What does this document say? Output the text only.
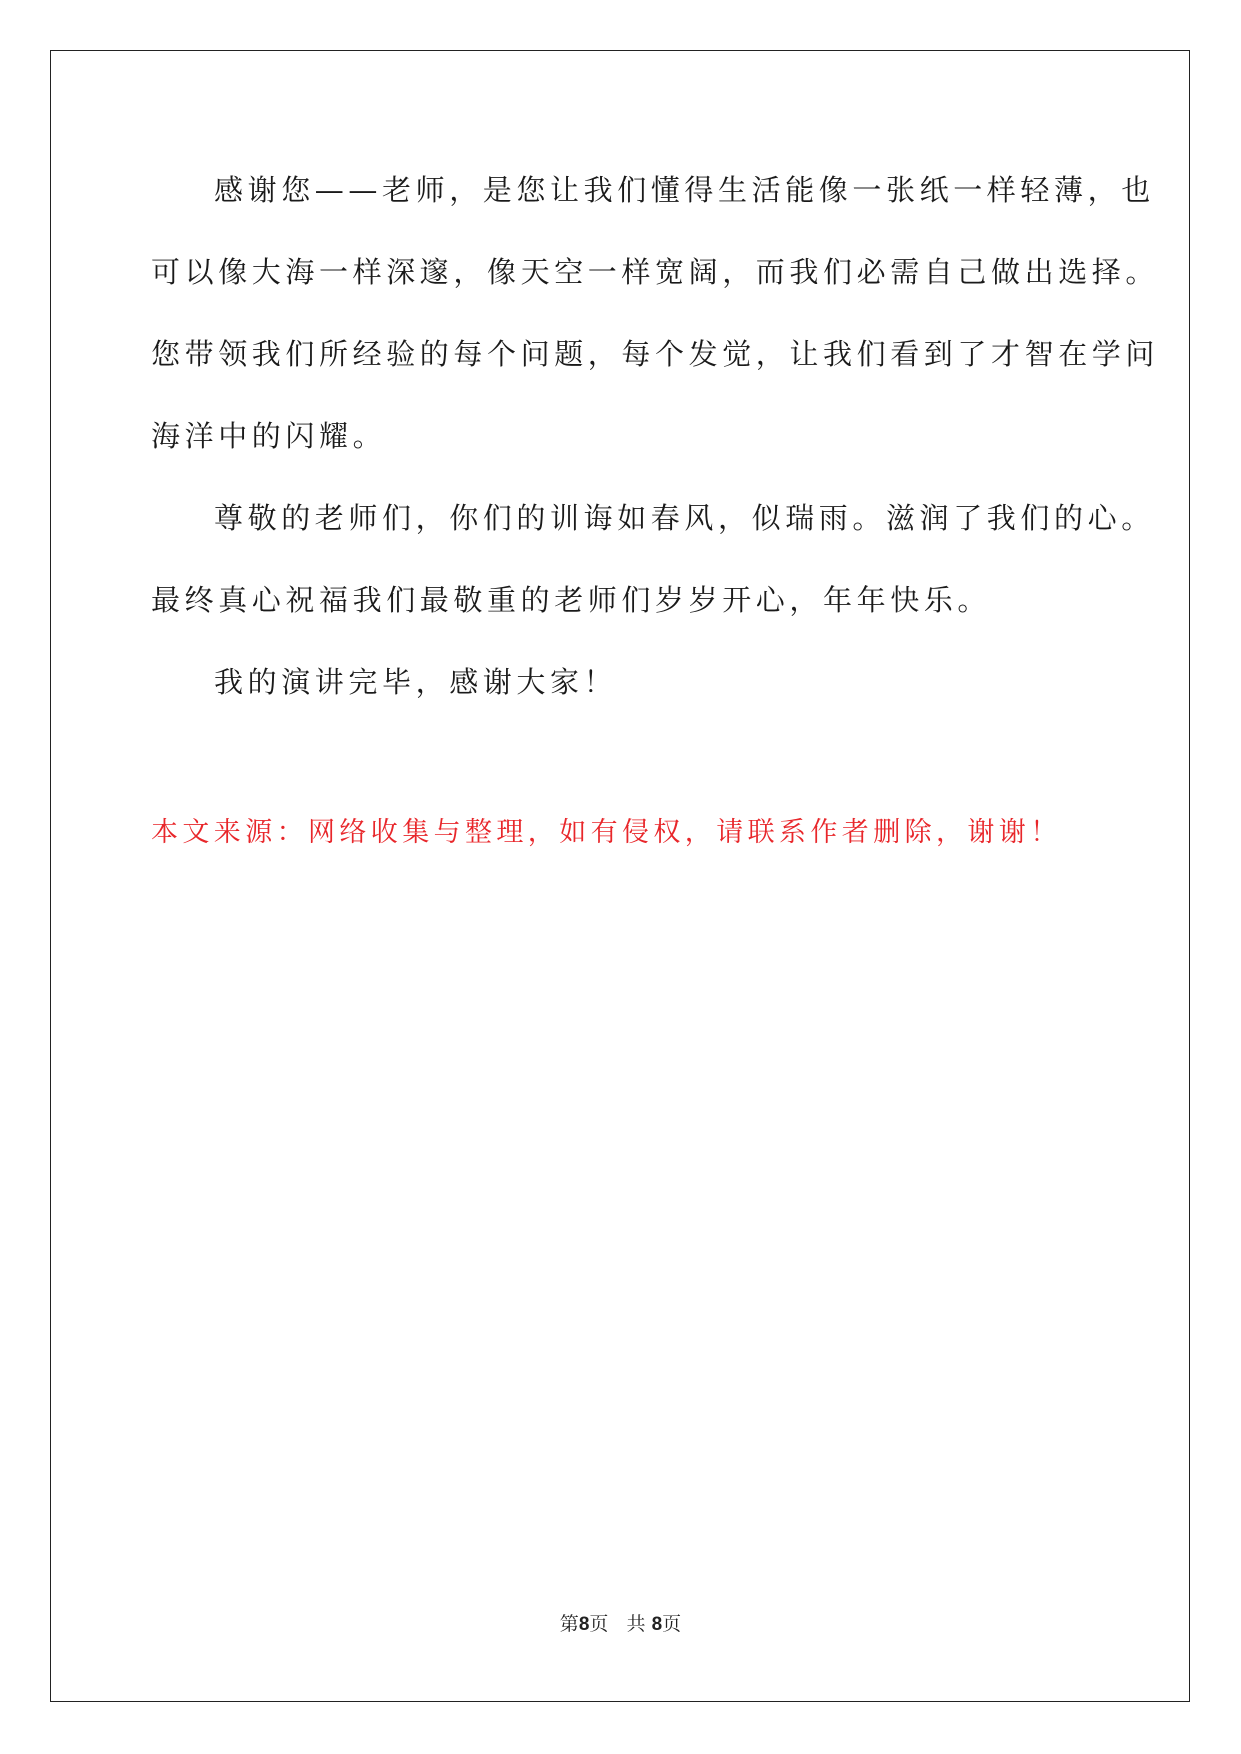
感谢您——老师，是您让我们懂得生活能像一张纸一样轻薄，也
可以像大海一样深邃，像天空一样宽阔，而我们必需自己做出选择。
您带领我们所经验的每个问题，每个发觉，让我们看到了才智在学问
海洋中的闪耀。
尊敬的老师们，你们的训诲如春风，似瑞雨。滋润了我们的心。
最终真心祝福我们最敬重的老师们岁岁开心，年年快乐。
我的演讲完毕，感谢大家！
本文来源：网络收集与整理，如有侵权，请联系作者删除，谢谢！
第8页 共 8页
